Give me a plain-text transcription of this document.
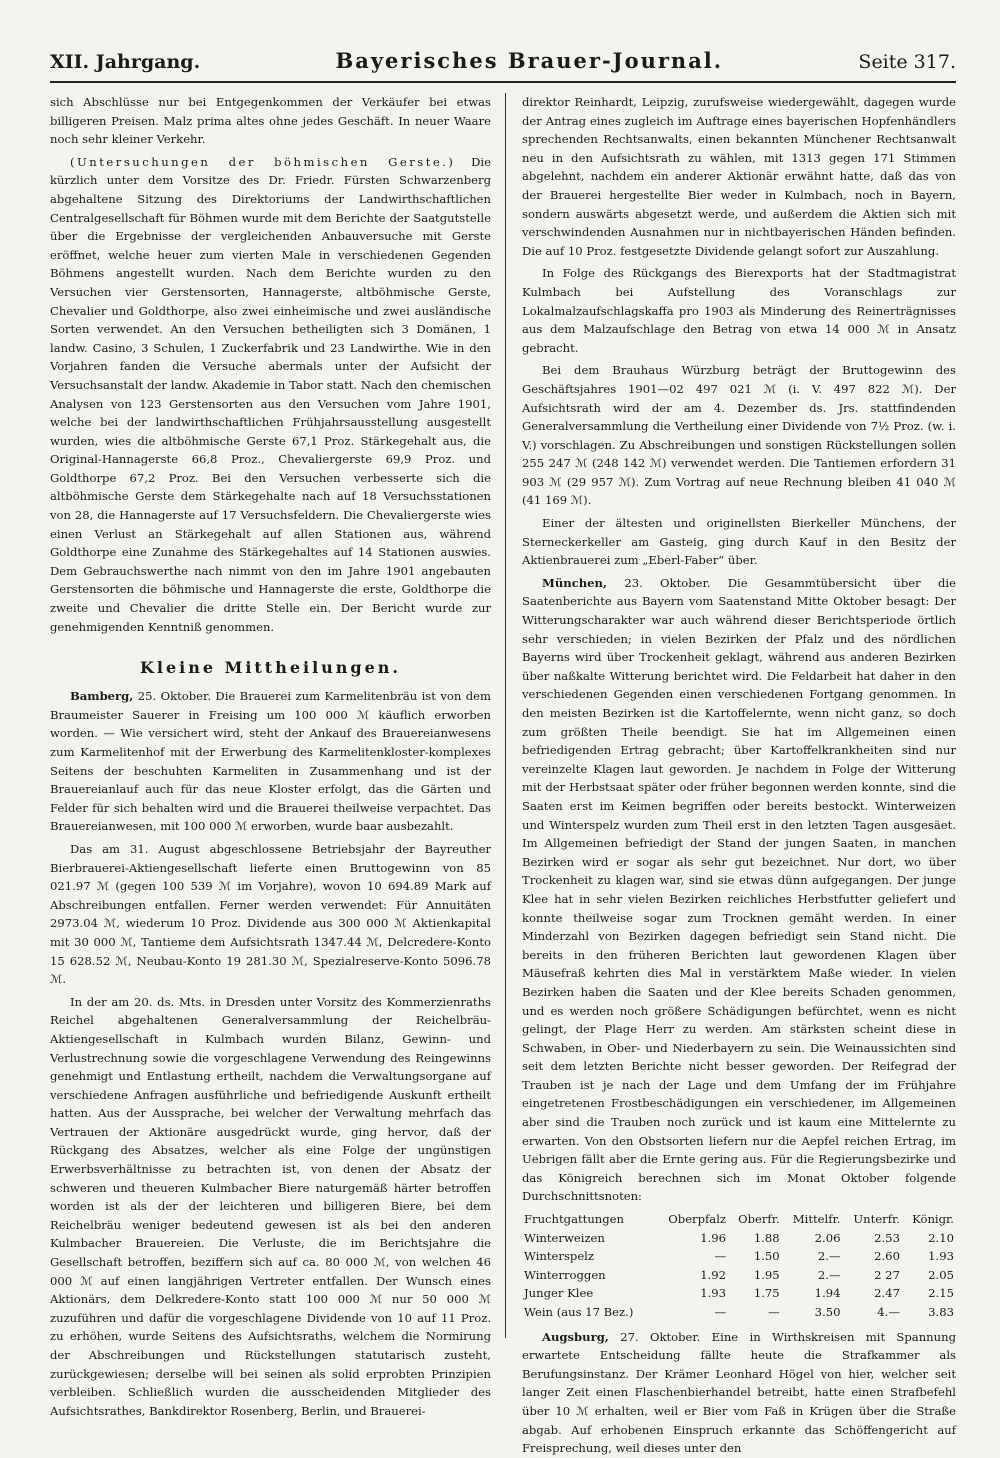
XII. Jahrgang.	Bayerisches Brauer-Journal.	Seite 317.

sich Abschlüsse nur bei Entgegenkommen der Verkäufer bei etwas billigeren Preisen. Malz prima altes ohne jedes Geschäft. In neuer Waare noch sehr kleiner Verkehr.

(Untersuchungen der böhmischen Gerste.) Die kürzlich unter dem Vorsitze des Dr. Friedr. Fürsten Schwarzenberg abgehaltene Sitzung des Direktoriums der Landwirthschaftlichen Centralgesellschaft für Böhmen wurde mit dem Berichte der Saatgutstelle über die Ergebnisse der vergleichenden Anbauversuche mit Gerste eröffnet, welche heuer zum vierten Male in verschiedenen Gegenden Böhmens angestellt wurden. Nach dem Berichte wurden zu den Versuchen vier Gerstensorten, Hannagerste, altböhmische Gerste, Chevalier und Goldthorpe, also zwei einheimische und zwei ausländische Sorten verwendet. An den Versuchen betheiligten sich 3 Domänen, 1 landw. Casino, 3 Schulen, 1 Zuckerfabrik und 23 Landwirthe. Wie in den Vorjahren fanden die Versuche abermals unter der Aufsicht der Versuchsanstalt der landw. Akademie in Tabor statt. Nach den chemischen Analysen von 123 Gerstensorten aus den Versuchen vom Jahre 1901, welche bei der landwirthschaftlichen Frühjahrsausstellung ausgestellt wurden, wies die altböhmische Gerste 67,1 Proz. Stärkegehalt aus, die Original-Hannagerste 66,8 Proz., Chevaliergerste 69,9 Proz. und Goldthorpe 67,2 Proz. Bei den Versuchen verbesserte sich die altböhmische Gerste dem Stärkegehalte nach auf 18 Versuchsstationen von 28, die Hannagerste auf 17 Versuchsfeldern. Die Chevaliergerste wies einen Verlust an Stärkegehalt auf allen Stationen aus, während Goldthorpe eine Zunahme des Stärkegehaltes auf 14 Stationen auswies. Dem Gebrauchswerthe nach nimmt von den im Jahre 1901 angebauten Gerstensorten die böhmische und Hannagerste die erste, Goldthorpe die zweite und Chevalier die dritte Stelle ein. Der Bericht wurde zur genehmigenden Kenntniß genommen.

Kleine Mittheilungen.

Bamberg, 25. Oktober. Die Brauerei zum Karmelitenbräu ist von dem Braumeister Sauerer in Freising um 100 000 ℳ käuflich erworben worden. — Wie versichert wird, steht der Ankauf des Brauereianwesens zum Karmelitenhof mit der Erwerbung des Karmelitenkloster-komplexes Seitens der beschuhten Karmeliten in Zusammenhang und ist der Brauereianlauf auch für das neue Kloster erfolgt, das die Gärten und Felder für sich behalten wird und die Brauerei theilweise verpachtet. Das Brauereianwesen, mit 100 000 ℳ erworben, wurde baar ausbezahlt.

Das am 31. August abgeschlossene Betriebsjahr der Bayreuther Bierbrauerei-Aktiengesellschaft lieferte einen Bruttogewinn von 85 021.97 ℳ (gegen 100 539 ℳ im Vorjahre), wovon 10 694.89 Mark auf Abschreibungen entfallen. Ferner werden verwendet: Für Annuitäten 2973.04 ℳ, wiederum 10 Proz. Dividende aus 300 000 ℳ Aktienkapital mit 30 000 ℳ, Tantieme dem Aufsichtsrath 1347.44 ℳ, Delcredere-Konto 15 628.52 ℳ, Neubau-Konto 19 281.30 ℳ, Spezialreserve-Konto 5096.78 ℳ.

In der am 20. ds. Mts. in Dresden unter Vorsitz des Kommerzienraths Reichel abgehaltenen Generalversammlung der Reichelbräu-Aktiengesellschaft in Kulmbach wurden Bilanz, Gewinn- und Verlustrechnung sowie die vorgeschlagene Verwendung des Reingewinns genehmigt und Entlastung ertheilt, nachdem die Verwaltungsorgane auf verschiedene Anfragen ausführliche und befriedigende Auskunft ertheilt hatten. Aus der Aussprache, bei welcher der Verwaltung mehrfach das Vertrauen der Aktionäre ausgedrückt wurde, ging hervor, daß der Rückgang des Absatzes, welcher als eine Folge der ungünstigen Erwerbsverhältnisse zu betrachten ist, von denen der Absatz der schweren und theueren Kulmbacher Biere naturgemäß härter betroffen worden ist als der der leichteren und billigeren Biere, bei dem Reichelbräu weniger bedeutend gewesen ist als bei den anderen Kulmbacher Brauereien. Die Verluste, die im Berichtsjahre die Gesellschaft betroffen, beziffern sich auf ca. 80 000 ℳ, von welchen 46 000 ℳ auf einen langjährigen Vertreter entfallen. Der Wunsch eines Aktionärs, dem Delkredere-Konto statt 100 000 ℳ nur 50 000 ℳ zuzuführen und dafür die vorgeschlagene Dividende von 10 auf 11 Proz. zu erhöhen, wurde Seitens des Aufsichtsraths, welchem die Normirung der Abschreibungen und Rückstellungen statutarisch zusteht, zurückgewiesen; derselbe will bei seinen als solid erprobten Prinzipien verbleiben. Schließlich wurden die ausscheidenden Mitglieder des Aufsichtsrathes, Bankdirektor Rosenberg, Berlin, und Brauerei-

direktor Reinhardt, Leipzig, zurufsweise wiedergewählt, dagegen wurde der Antrag eines zugleich im Auftrage eines bayerischen Hopfenhändlers sprechenden Rechtsanwalts, einen bekannten Münchener Rechtsanwalt neu in den Aufsichtsrath zu wählen, mit 1313 gegen 171 Stimmen abgelehnt, nachdem ein anderer Aktionär erwähnt hatte, daß das von der Brauerei hergestellte Bier weder in Kulmbach, noch in Bayern, sondern auswärts abgesetzt werde, und außerdem die Aktien sich mit verschwindenden Ausnahmen nur in nichtbayerischen Händen befinden. Die auf 10 Proz. festgesetzte Dividende gelangt sofort zur Auszahlung.

In Folge des Rückgangs des Bierexports hat der Stadtmagistrat Kulmbach bei Aufstellung des Voranschlags zur Lokalmalzaufschlagskaffa pro 1903 als Minderung des Reinerträgnisses aus dem Malzaufschlage den Betrag von etwa 14 000 ℳ in Ansatz gebracht.

Bei dem Brauhaus Würzburg beträgt der Bruttogewinn des Geschäftsjahres 1901—02 497 021 ℳ (i. V. 497 822 ℳ). Der Aufsichtsrath wird der am 4. Dezember ds. Jrs. stattfindenden Generalversammlung die Vertheilung einer Dividende von 7½ Proz. (w. i. V.) vorschlagen. Zu Abschreibungen und sonstigen Rückstellungen sollen 255 247 ℳ (248 142 ℳ) verwendet werden. Die Tantiemen erfordern 31 903 ℳ (29 957 ℳ). Zum Vortrag auf neue Rechnung bleiben 41 040 ℳ (41 169 ℳ).

Einer der ältesten und originellsten Bierkeller Münchens, der Sterneckerkeller am Gasteig, ging durch Kauf in den Besitz der Aktienbrauerei zum „Eberl-Faber“ über.

München, 23. Oktober. Die Gesammtübersicht über die Saatenberichte aus Bayern vom Saatenstand Mitte Oktober besagt: Der Witterungscharakter war auch während dieser Berichtsperiode örtlich sehr verschieden; in vielen Bezirken der Pfalz und des nördlichen Bayerns wird über Trockenheit geklagt, während aus anderen Bezirken über naßkalte Witterung berichtet wird. Die Feldarbeit hat daher in den verschiedenen Gegenden einen verschiedenen Fortgang genommen. In den meisten Bezirken ist die Kartoffelernte, wenn nicht ganz, so doch zum größten Theile beendigt. Sie hat im Allgemeinen einen befriedigenden Ertrag gebracht; über Kartoffelkrankheiten sind nur vereinzelte Klagen laut geworden. Je nachdem in Folge der Witterung mit der Herbstsaat später oder früher begonnen werden konnte, sind die Saaten erst im Keimen begriffen oder bereits bestockt. Winterweizen und Winterspelz wurden zum Theil erst in den letzten Tagen ausgesäet. Im Allgemeinen befriedigt der Stand der jungen Saaten, in manchen Bezirken wird er sogar als sehr gut bezeichnet. Nur dort, wo über Trockenheit zu klagen war, sind sie etwas dünn aufgegangen. Der junge Klee hat in sehr vielen Bezirken reichliches Herbstfutter geliefert und konnte theilweise sogar zum Trocknen gemäht werden. In einer Minderzahl von Bezirken dagegen befriedigt sein Stand nicht. Die bereits in den früheren Berichten laut gewordenen Klagen über Mäusefraß kehrten dies Mal in verstärktem Maße wieder. In vielen Bezirken haben die Saaten und der Klee bereits Schaden genommen, und es werden noch größere Schädigungen befürchtet, wenn es nicht gelingt, der Plage Herr zu werden. Am stärksten scheint diese in Schwaben, in Ober- und Niederbayern zu sein. Die Weinaussichten sind seit dem letzten Berichte nicht besser geworden. Der Reifegrad der Trauben ist je nach der Lage und dem Umfang der im Frühjahre eingetretenen Frostbeschädigungen ein verschiedener, im Allgemeinen aber sind die Trauben noch zurück und ist kaum eine Mittelernte zu erwarten. Von den Obstsorten liefern nur die Aepfel reichen Ertrag, im Uebrigen fällt aber die Ernte gering aus. Für die Regierungsbezirke und das Königreich berechnen sich im Monat Oktober folgende Durchschnittsnoten:

Fruchtgattungen	Oberpfalz	Oberfr.	Mittelfr.	Unterfr.	Königr.
Winterweizen	1.96	1.88	2.06	2.53	2.10
Winterspelz	—	1.50	2.—	2.60	1.93
Winterroggen	1.92	1.95	2.—	2 27	2.05
Junger Klee	1.93	1.75	1.94	2.47	2.15
Wein (aus 17 Bez.)	—	—	3.50	4.—	3.83

Augsburg, 27. Oktober. Eine in Wirthskreisen mit Spannung erwartete Entscheidung fällte heute die Strafkammer als Berufungsinstanz. Der Krämer Leonhard Högel von hier, welcher seit langer Zeit einen Flaschenbierhandel betreibt, hatte einen Strafbefehl über 10 ℳ erhalten, weil er Bier vom Faß in Krügen über die Straße abgab. Auf erhobenen Einspruch erkannte das Schöffengericht auf Freisprechung, weil dieses unter den
